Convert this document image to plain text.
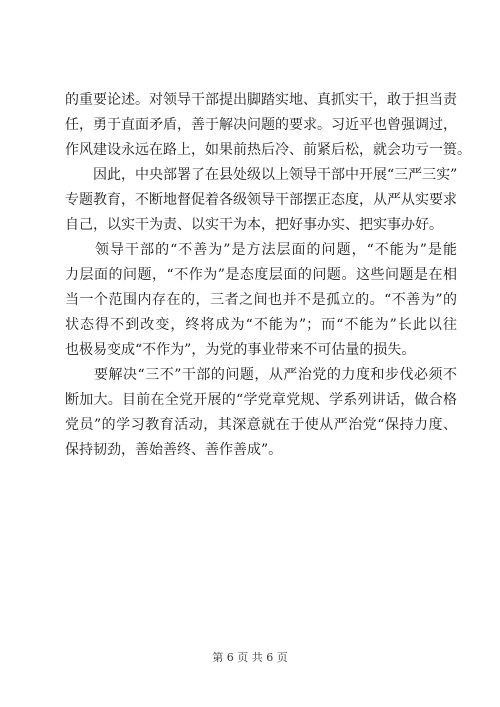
的重要论述。对领导干部提出脚踏实地、真抓实干，敢于担当责
任，勇于直面矛盾，善于解决问题的要求。习近平也曾强调过，
作风建设永远在路上，如果前热后冷、前紧后松，就会功亏一篑。
　　因此，中央部署了在县处级以上领导干部中开展“三严三实”
专题教育，不断地督促着各级领导干部摆正态度，从严从实要求
自己，以实干为责、以实干为本，把好事办实、把实事办好。
　　领导干部的“不善为”是方法层面的问题，“不能为”是能
力层面的问题，“不作为”是态度层面的问题。这些问题是在相
当一个范围内存在的，三者之间也并不是孤立的。“不善为”的
状态得不到改变，终将成为“不能为”；而“不能为”长此以往
也极易变成“不作为”，为党的事业带来不可估量的损失。
　　要解决“三不”干部的问题，从严治党的力度和步伐必须不
断加大。目前在全党开展的“学党章党规、学系列讲话，做合格
党员”的学习教育活动，其深意就在于使从严治党“保持力度、
保持韧劲，善始善终、善作善成”。
第 6 页 共 6 页
